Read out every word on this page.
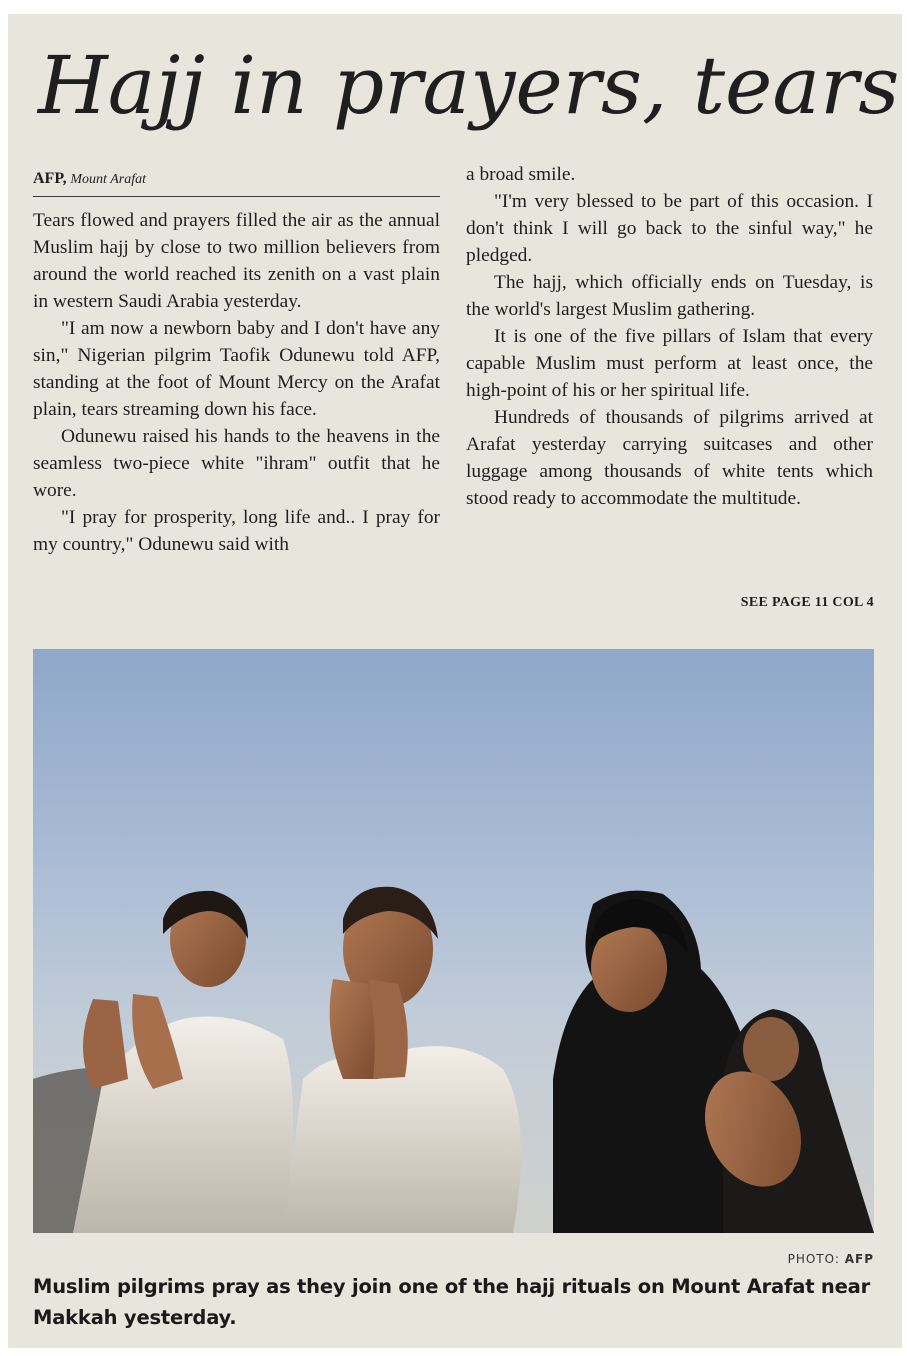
Hajj in prayers, tears
AFP, Mount Arafat

Tears flowed and prayers filled the air as the annual Muslim hajj by close to two million believers from around the world reached its zenith on a vast plain in western Saudi Arabia yesterday.

"I am now a newborn baby and I don't have any sin," Nigerian pilgrim Taofik Odunewu told AFP, standing at the foot of Mount Mercy on the Arafat plain, tears streaming down his face.

Odunewu raised his hands to the heavens in the seamless two-piece white "ihram" outfit that he wore.

"I pray for prosperity, long life and.. I pray for my country," Odunewu said with

a broad smile.

"I'm very blessed to be part of this occasion. I don't think I will go back to the sinful way," he pledged.

The hajj, which officially ends on Tuesday, is the world's largest Muslim gathering.

It is one of the five pillars of Islam that every capable Muslim must perform at least once, the high-point of his or her spiritual life.

Hundreds of thousands of pilgrims arrived at Arafat yesterday carrying suitcases and other luggage among thousands of white tents which stood ready to accommodate the multitude.

SEE PAGE 11 COL 4
PHOTO: AFP
Muslim pilgrims pray as they join one of the hajj rituals on Mount Arafat near Makkah yesterday.
